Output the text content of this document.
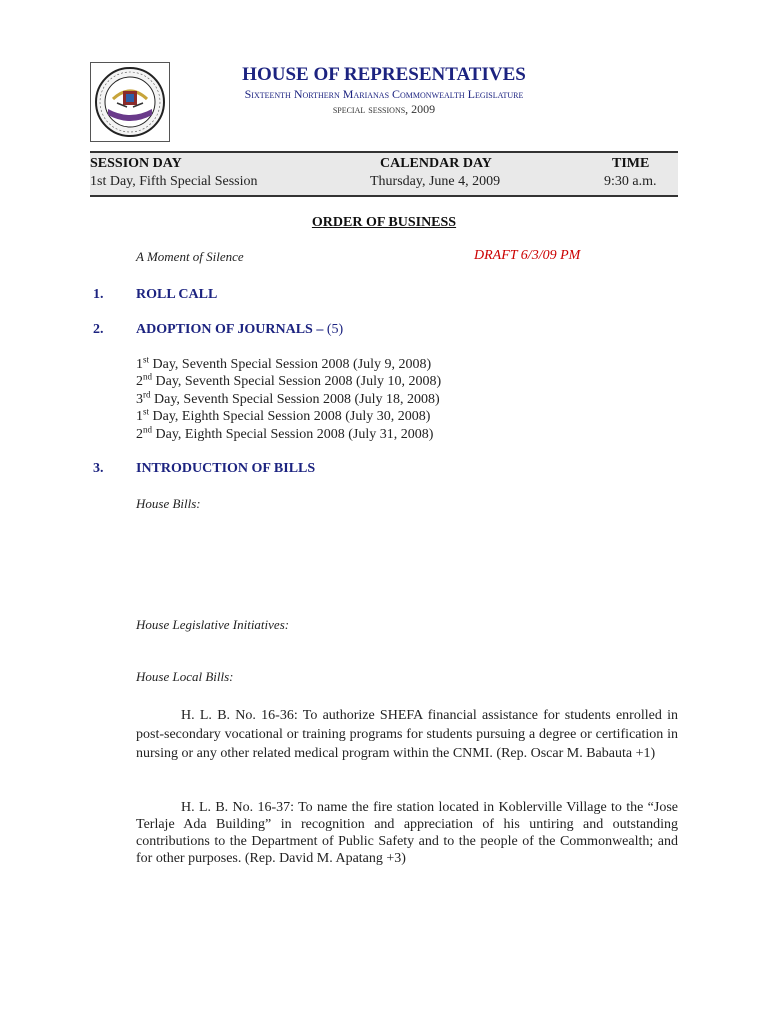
HOUSE OF REPRESENTATIVES
Sixteenth Northern Marianas Commonwealth Legislature
special sessions, 2009
SESSION DAY
1st Day, Fifth Special Session
CALENDAR DAY
Thursday, June 4, 2009
TIME
9:30 a.m.
ORDER OF BUSINESS
A Moment of Silence	DRAFT 6/3/09 PM
1. ROLL CALL
2. ADOPTION OF JOURNALS – (5)
1st Day, Seventh Special Session 2008 (July 9, 2008)
2nd Day, Seventh Special Session 2008 (July 10, 2008)
3rd Day, Seventh Special Session 2008 (July 18, 2008)
1st Day, Eighth Special Session 2008 (July 30, 2008)
2nd Day, Eighth Special Session 2008 (July 31, 2008)
3. INTRODUCTION OF BILLS
House Bills:
House Legislative Initiatives:
House Local Bills:
H. L. B. No. 16-36: To authorize SHEFA financial assistance for students enrolled in post-secondary vocational or training programs for students pursuing a degree or certification in nursing or any other related medical program within the CNMI. (Rep. Oscar M. Babauta +1)
H. L. B. No. 16-37: To name the fire station located in Koblerville Village to the “Jose Terlaje Ada Building” in recognition and appreciation of his untiring and outstanding contributions to the Department of Public Safety and to the people of the Commonwealth; and for other purposes. (Rep. David M. Apatang +3)
